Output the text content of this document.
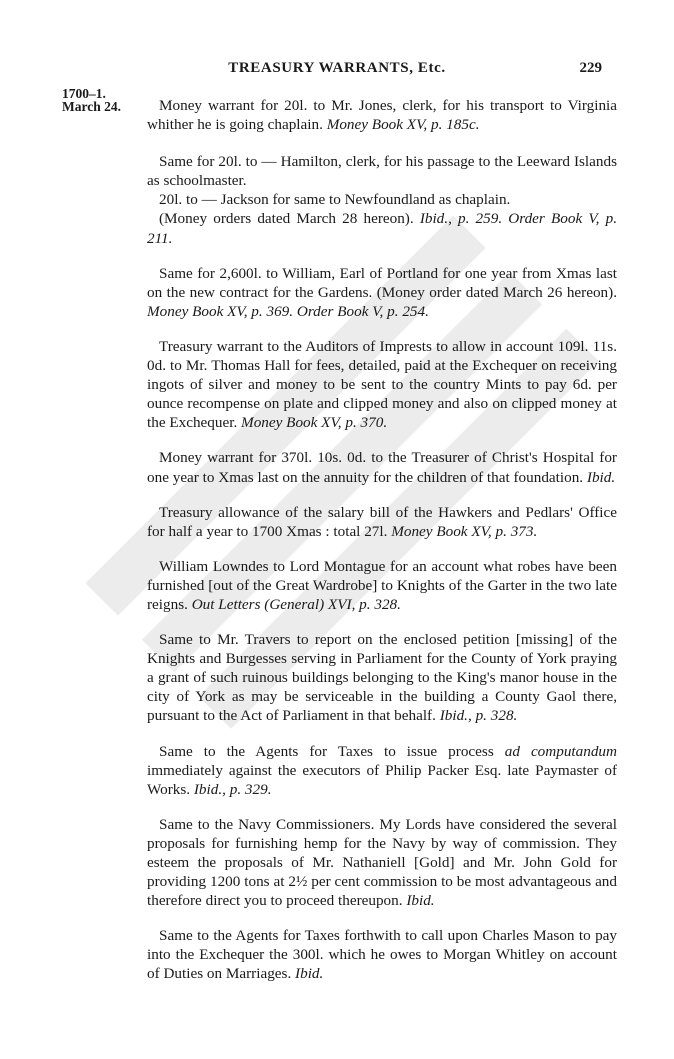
TREASURY WARRANTS, Etc.	229
1700–1.
March 24.	Money warrant for 20l. to Mr. Jones, clerk, for his transport to Virginia whither he is going chaplain. Money Book XV, p. 185c.

Same for 20l. to — Hamilton, clerk, for his passage to the Leeward Islands as schoolmaster.

20l. to — Jackson for same to Newfoundland as chaplain.

(Money orders dated March 28 hereon). Ibid., p. 259. Order Book V, p. 211.

Same for 2,600l. to William, Earl of Portland for one year from Xmas last on the new contract for the Gardens. (Money order dated March 26 hereon). Money Book XV, p. 369. Order Book V, p. 254.

Treasury warrant to the Auditors of Imprests to allow in account 109l. 11s. 0d. to Mr. Thomas Hall for fees, detailed, paid at the Exchequer on receiving ingots of silver and money to be sent to the country Mints to pay 6d. per ounce recompense on plate and clipped money and also on clipped money at the Exchequer. Money Book XV, p. 370.

Money warrant for 370l. 10s. 0d. to the Treasurer of Christ's Hospital for one year to Xmas last on the annuity for the children of that foundation. Ibid.

Treasury allowance of the salary bill of the Hawkers and Pedlars' Office for half a year to 1700 Xmas : total 27l. Money Book XV, p. 373.

William Lowndes to Lord Montague for an account what robes have been furnished [out of the Great Wardrobe] to Knights of the Garter in the two late reigns. Out Letters (General) XVI, p. 328.

Same to Mr. Travers to report on the enclosed petition [missing] of the Knights and Burgesses serving in Parliament for the County of York praying a grant of such ruinous buildings belonging to the King's manor house in the city of York as may be serviceable in the building a County Gaol there, pursuant to the Act of Parliament in that behalf. Ibid., p. 328.

Same to the Agents for Taxes to issue process ad computandum immediately against the executors of Philip Packer Esq. late Paymaster of Works. Ibid., p. 329.

Same to the Navy Commissioners. My Lords have considered the several proposals for furnishing hemp for the Navy by way of commission. They esteem the proposals of Mr. Nathaniell [Gold] and Mr. John Gold for providing 1200 tons at 2½ per cent commission to be most advantageous and therefore direct you to proceed thereupon. Ibid.

Same to the Agents for Taxes forthwith to call upon Charles Mason to pay into the Exchequer the 300l. which he owes to Morgan Whitley on account of Duties on Marriages. Ibid.
